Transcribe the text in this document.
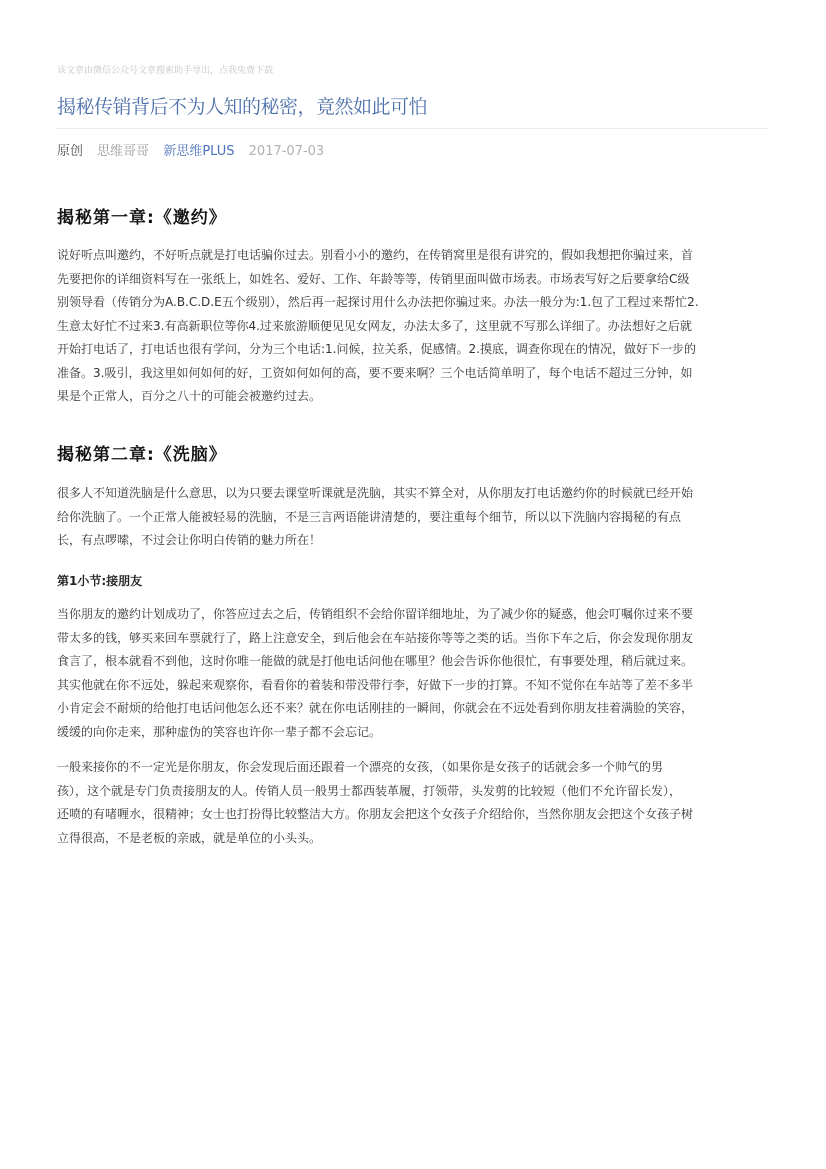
该文章由微信公众号文章搜索助手导出，点我免费下载
揭秘传销背后不为人知的秘密，竟然如此可怕
原创 思维哥哥 新思维PLUS 2017-07-03
揭秘第一章:《邀约》
说好听点叫邀约，不好听点就是打电话骗你过去。别看小小的邀约，在传销窝里是很有讲究的，假如我想把你骗过来，首
先要把你的详细资料写在一张纸上，如姓名、爱好、工作、年龄等等，传销里面叫做市场表。市场表写好之后要拿给C级
别领导看（传销分为A.B.C.D.E五个级别），然后再一起探讨用什么办法把你骗过来。办法一般分为:1.包了工程过来帮忙2.
生意太好忙不过来3.有高新职位等你4.过来旅游顺便见见女网友，办法太多了，这里就不写那么详细了。办法想好之后就
开始打电话了，打电话也很有学问，分为三个电话:1.问候，拉关系，促感情。2.摸底，调查你现在的情况，做好下一步的
准备。3.吸引，我这里如何如何的好，工资如何如何的高，要不要来啊？三个电话简单明了，每个电话不超过三分钟，如
果是个正常人，百分之八十的可能会被邀约过去。
揭秘第二章:《洗脑》
很多人不知道洗脑是什么意思，以为只要去课堂听课就是洗脑，其实不算全对，从你朋友打电话邀约你的时候就已经开始
给你洗脑了。一个正常人能被轻易的洗脑，不是三言两语能讲清楚的，要注重每个细节，所以以下洗脑内容揭秘的有点
长，有点啰嗦，不过会让你明白传销的魅力所在！
第1小节:接朋友
当你朋友的邀约计划成功了，你答应过去之后，传销组织不会给你留详细地址，为了减少你的疑惑，他会叮嘱你过来不要
带太多的钱，够买来回车票就行了，路上注意安全，到后他会在车站接你等等之类的话。当你下车之后，你会发现你朋友
食言了，根本就看不到他，这时你唯一能做的就是打他电话问他在哪里？他会告诉你他很忙，有事要处理，稍后就过来。
其实他就在你不远处，躲起来观察你，看看你的着装和带没带行李，好做下一步的打算。不知不觉你在车站等了差不多半
小肯定会不耐烦的给他打电话问他怎么还不来？就在你电话刚挂的一瞬间，你就会在不远处看到你朋友挂着满脸的笑容，
缓缓的向你走来，那种虚伪的笑容也许你一辈子都不会忘记。
一般来接你的不一定光是你朋友，你会发现后面还跟着一个漂亮的女孩，（如果你是女孩子的话就会多一个帅气的男
孩），这个就是专门负责接朋友的人。传销人员一般男士都西装革履，打领带，头发剪的比较短（他们不允许留长发），
还喷的有啫喱水，很精神；女士也打扮得比较整洁大方。你朋友会把这个女孩子介绍给你，当然你朋友会把这个女孩子树
立得很高，不是老板的亲戚，就是单位的小头头。
